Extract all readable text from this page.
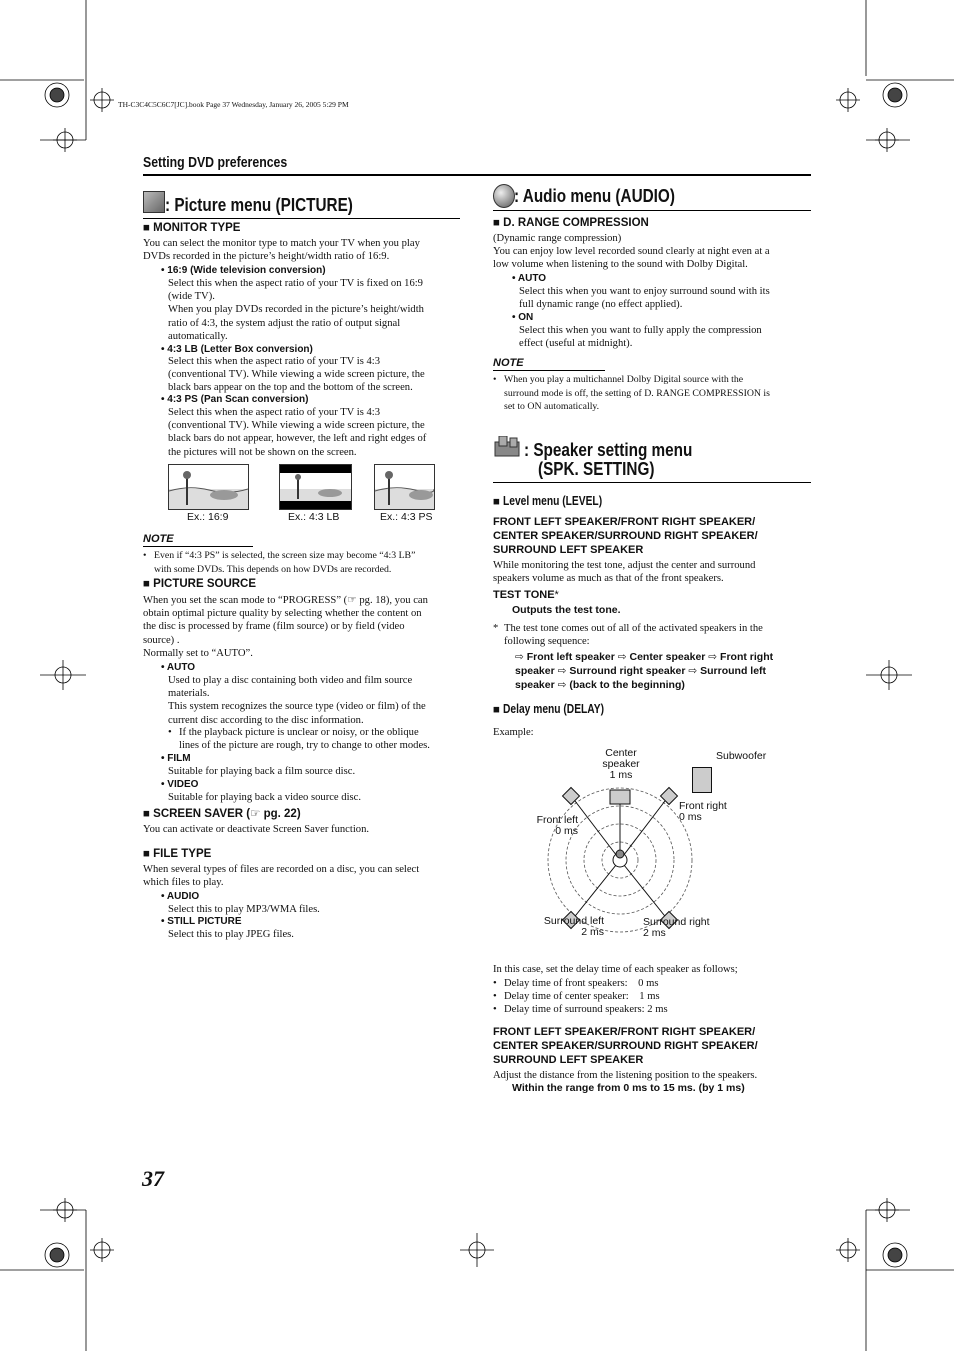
TH-C3C4C5C6C7[JC].book Page 37 Wednesday, January 26, 2005 5:29 PM
Setting DVD preferences
: Picture menu (PICTURE)
■ MONITOR TYPE
You can select the monitor type to match your TV when you play
DVDs recorded in the picture’s height/width ratio of 16:9.
• 16:9 (Wide television conversion)
Select this when the aspect ratio of your TV is fixed on 16:9
(wide TV).
When you play DVDs recorded in the picture’s height/width
ratio of 4:3, the system adjust the ratio of output signal
automatically.
• 4:3 LB (Letter Box conversion)
Select this when the aspect ratio of your TV is 4:3
(conventional TV). While viewing a wide screen picture, the
black bars appear on the top and the bottom of the screen.
• 4:3 PS (Pan Scan conversion)
Select this when the aspect ratio of your TV is 4:3
(conventional TV). While viewing a wide screen picture, the
black bars do not appear, however, the left and right edges of
the pictures will not be shown on the screen.
Ex.: 16:9	Ex.: 4:3 LB	Ex.: 4:3 PS
NOTE
• Even if “4:3 PS” is selected, the screen size may become “4:3 LB”
with some DVDs. This depends on how DVDs are recorded.
■ PICTURE SOURCE
When you set the scan mode to “PROGRESS” (☞ pg. 18), you can
obtain optimal picture quality by selecting whether the content on
the disc is processed by frame (film source) or by field (video
source) .
Normally set to “AUTO”.
• AUTO
Used to play a disc containing both video and film source
materials.
This system recognizes the source type (video or film) of the
current disc according to the disc information.
• If the playback picture is unclear or noisy, or the oblique
lines of the picture are rough, try to change to other modes.
• FILM
Suitable for playing back a film source disc.
• VIDEO
Suitable for playing back a video source disc.
■ SCREEN SAVER (☞ pg. 22)
You can activate or deactivate Screen Saver function.
■ FILE TYPE
When several types of files are recorded on a disc, you can select
which files to play.
• AUDIO
Select this to play MP3/WMA files.
• STILL PICTURE
Select this to play JPEG files.
: Audio menu (AUDIO)
■ D. RANGE COMPRESSION
(Dynamic range compression)
You can enjoy low level recorded sound clearly at night even at a
low volume when listening to the sound with Dolby Digital.
• AUTO
Select this when you want to enjoy surround sound with its
full dynamic range (no effect applied).
• ON
Select this when you want to fully apply the compression
effect (useful at midnight).
NOTE
• When you play a multichannel Dolby Digital source with the
surround mode is off, the setting of D. RANGE COMPRESSION is
set to ON automatically.
: Speaker setting menu
(SPK. SETTING)
■ Level menu (LEVEL)
FRONT LEFT SPEAKER/FRONT RIGHT SPEAKER/
CENTER SPEAKER/SURROUND RIGHT SPEAKER/
SURROUND LEFT SPEAKER
While monitoring the test tone, adjust the center and surround
speakers volume as much as that of the front speakers.
TEST TONE*
Outputs the test tone.
* The test tone comes out of all of the activated speakers in the
following sequence:
⇨ Front left speaker ⇨ Center speaker ⇨ Front right
speaker ⇨ Surround right speaker ⇨ Surround left
speaker ⇨ (back to the beginning)
■ Delay menu (DELAY)
Example:
Center
speaker
1 ms
Subwoofer
Front right
0 ms
Front left
0 ms
Surround left
2 ms
Surround right
2 ms
In this case, set the delay time of each speaker as follows;
• Delay time of front speakers:    0 ms
• Delay time of center speaker:    1 ms
• Delay time of surround speakers: 2 ms
FRONT LEFT SPEAKER/FRONT RIGHT SPEAKER/
CENTER SPEAKER/SURROUND RIGHT SPEAKER/
SURROUND LEFT SPEAKER
Adjust the distance from the listening position to the speakers.
Within the range from 0 ms to 15 ms. (by 1 ms)
37
